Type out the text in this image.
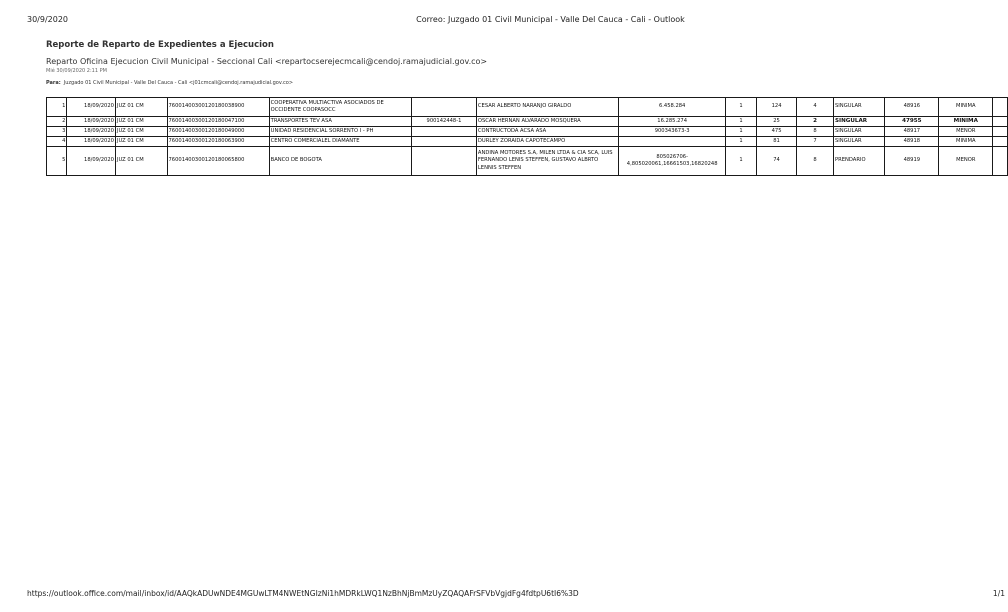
30/9/2020	Correo: Juzgado 01 Civil Municipal - Valle Del Cauca - Cali - Outlook
Reporte de Reparto de Expedientes a Ejecucion
Reparto Oficina Ejecucion Civil Municipal - Seccional Cali <repartocserejecmcali@cendoj.ramajudicial.gov.co>
Mié 30/09/2020 2:11 PM
Para: Juzgado 01 Civil Municipal - Valle Del Cauca - Cali <j01cmcali@cendoj.ramajudicial.gov.co>
1	18/09/2020	JUZ 01 CM	76001400300120180038900	COOPERATIVA MULTIACTIVA ASOCIADOS DE OCCIDENTE COOPASOCC		CESAR ALBERTO NARANJO GIRALDO	6.458.284	1	124	4	SINGULAR	48916	MINIMA	
2	18/09/2020	JUZ 01 CM	76001400300120180047100	TRANSPORTES TEV ASA	900142448-1	OSCAR HERNAN ALVARADO MOSQUERA	16.285.274	1	25	2	SINGULAR	47955	MINIMA	
3	18/09/2020	JUZ 01 CM	76001400300120180049000	UNIDAD RESIDENCIAL SORRENTO I - PH		CONTRUCTODA ACSA ASA	900343673-3	1	475	8	SINGULAR	48917	MENOR	
4	18/09/2020	JUZ 01 CM	76001400300120180063900	CENTRO COMERCIALEL DIAMANTE		DURLEY ZORAIDA CAPOTECAMPO		1	81	7	SINGULAR	48918	MINIMA	
5	18/09/2020	JUZ 01 CM	76001400300120180065800	BANCO DE BOGOTA		ANDINA MOTORES S.A, MILEN LTDA & CIA SCA, LUIS FERNANDO LENIS STEFFEN, GUSTAVO ALBRTO LENNIS STEFFEN	805026706-4,805020061,16661503,16820248	1	74	8	PRENDARIO	48919	MENOR	
https://outlook.office.com/mail/inbox/id/AAQkADUwNDE4MGUwLTM4NWEtNGIzNi1hMDRkLWQ1NzBhNjBmMzUyZQAQAFrSFVbVgjdFg4fdtpU6tI6%3D	1/1
